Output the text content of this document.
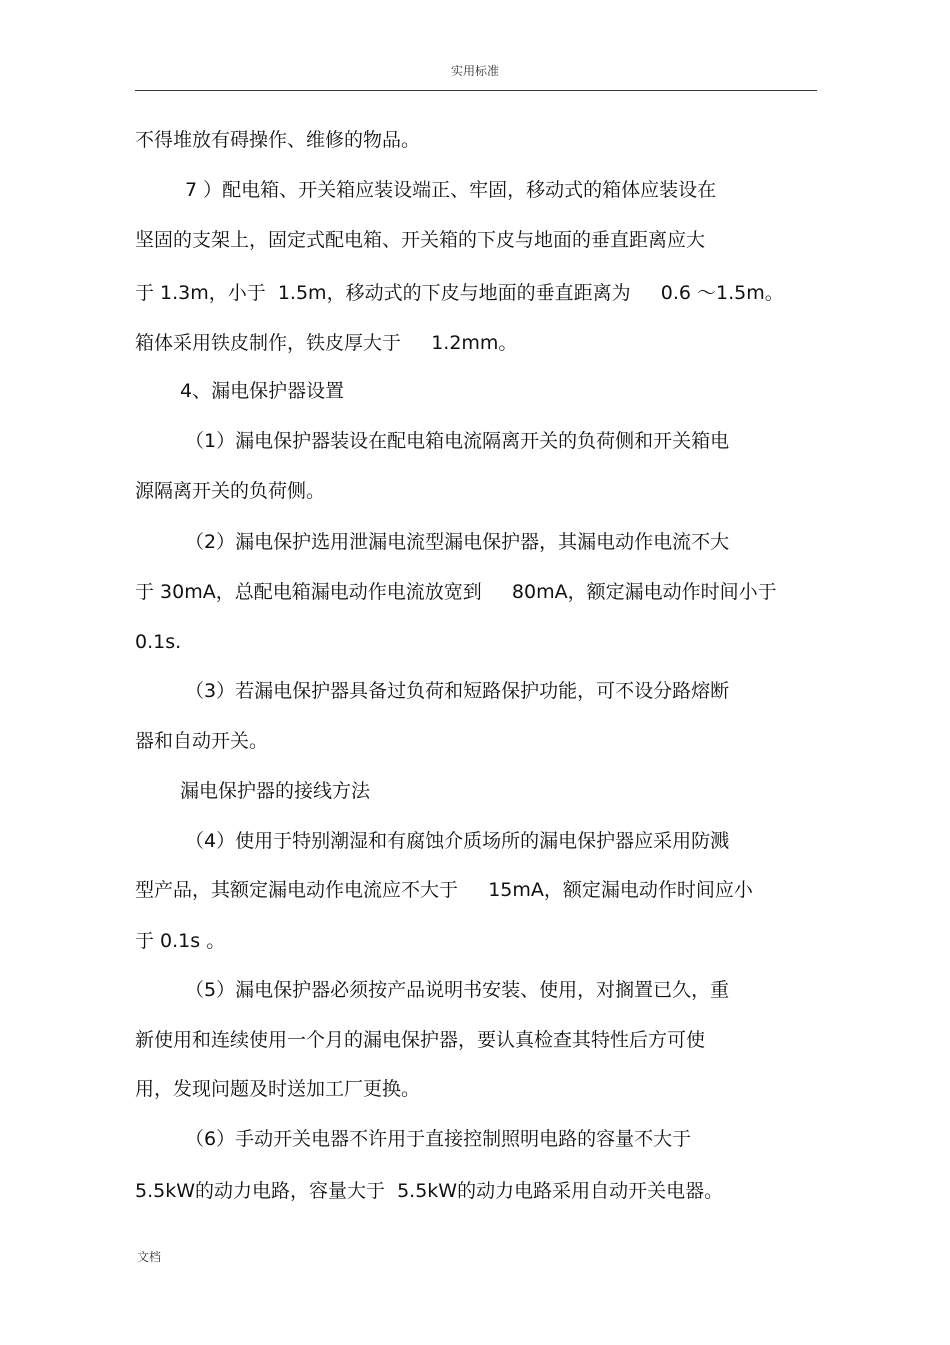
实用标准
不得堆放有碍操作、维修的物品。
7 ）配电箱、开关箱应装设端正、牢固，移动式的箱体应装设在
坚固的支架上，固定式配电箱、开关箱的下皮与地面的垂直距离应大
于 1.3m，小于  1.5m，移动式的下皮与地面的垂直距离为     0.6 ～1.5m。
箱体采用铁皮制作，铁皮厚大于     1.2mm。
4、漏电保护器设置
（1）漏电保护器装设在配电箱电流隔离开关的负荷侧和开关箱电
源隔离开关的负荷侧。
（2）漏电保护选用泄漏电流型漏电保护器，其漏电动作电流不大
于 30mA，总配电箱漏电动作电流放宽到     80mA，额定漏电动作时间小于
0.1s.
（3）若漏电保护器具备过负荷和短路保护功能，可不设分路熔断
器和自动开关。
漏电保护器的接线方法
（4）使用于特别潮湿和有腐蚀介质场所的漏电保护器应采用防溅
型产品，其额定漏电动作电流应不大于     15mA，额定漏电动作时间应小
于 0.1s 。
（5）漏电保护器必须按产品说明书安装、使用，对搁置已久，重
新使用和连续使用一个月的漏电保护器，要认真检查其特性后方可使
用，发现问题及时送加工厂更换。
（6）手动开关电器不许用于直接控制照明电路的容量不大于
5.5kW的动力电路，容量大于  5.5kW的动力电路采用自动开关电器。
文档
